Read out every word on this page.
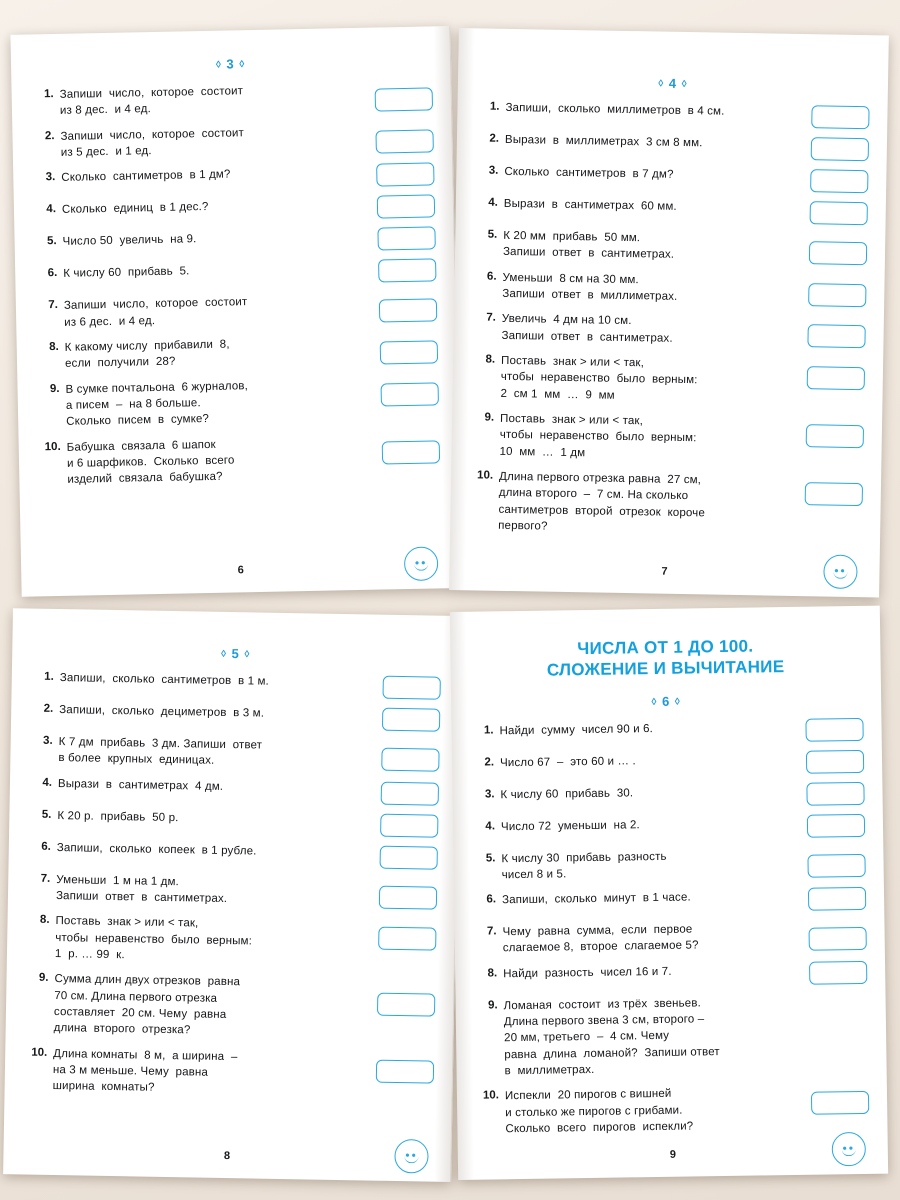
◊ 3 ◊
1. Запиши  число,  которое  состоит
из 8 дес.  и 4 ед.
2. Запиши  число,  которое  состоит
из 5 дес.  и 1 ед.
3. Сколько  сантиметров  в 1 дм?
4. Сколько  единиц  в 1 дес.?
5. Число 50  увеличь  на 9.
6. К числу 60  прибавь  5.
7. Запиши  число,  которое  состоит
из 6 дес.  и 4 ед.
8. К какому числу  прибавили  8,
если  получили  28?
9. В сумке почтальона  6 журналов,
а писем  –  на 8 больше.
Сколько  писем  в  сумке?
10. Бабушка  связала  6 шапок
и 6 шарфиков.  Сколько  всего
изделий  связала  бабушка?
6
••
◊ 4 ◊
1. Запиши,  сколько  миллиметров  в 4 см.
2. Вырази  в  миллиметрах  3 см 8 мм.
3. Сколько  сантиметров  в 7 дм?
4. Вырази  в  сантиметрах  60 мм.
5. К 20 мм  прибавь  50 мм.
Запиши  ответ  в  сантиметрах.
6. Уменьши  8 см на 30 мм.
Запиши  ответ  в  миллиметрах.
7. Увеличь  4 дм на 10 см.
Запиши  ответ  в  сантиметрах.
8. Поставь  знак > или < так,
чтобы  неравенство  было  верным:
2  см 1  мм  …  9  мм
9. Поставь  знак > или < так,
чтобы  неравенство  было  верным:
10  мм  …  1 дм
10. Длина первого отрезка равна  27 см,
длина второго  –  7 см. На сколько
сантиметров  второй  отрезок  короче
первого?
7	••
◊ 5 ◊
1. Запиши,  сколько  сантиметров  в 1 м.
2. Запиши,  сколько  дециметров  в 3 м.
3. К 7 дм  прибавь  3 дм. Запиши  ответ
в более  крупных  единицах.
4. Вырази  в  сантиметрах  4 дм.
5. К 20 р.  прибавь  50 р.
6. Запиши,  сколько  копеек  в 1 рубле.
7. Уменьши  1 м на 1 дм.
Запиши  ответ  в  сантиметрах.
8. Поставь  знак > или < так,
чтобы  неравенство  было  верным:
1  р. … 99  к.
9. Сумма длин двух отрезков  равна
70 см. Длина первого отрезка
составляет  20 см. Чему  равна
длина  второго  отрезка?
10. Длина комнаты  8 м,  а ширина  –
на 3 м меньше. Чему  равна
ширина  комнаты?
8	••
ЧИСЛА ОТ 1 ДО 100.
СЛОЖЕНИЕ И ВЫЧИТАНИЕ
◊ 6 ◊
1. Найди  сумму  чисел 90 и 6.
2. Число 67  –  это 60 и … .
3. К числу 60  прибавь  30.
4. Число 72  уменьши  на 2.
5. К числу 30  прибавь  разность
чисел 8 и 5.
6. Запиши,  сколько  минут  в 1 часе.
7. Чему  равна  сумма,  если  первое
слагаемое 8,  второе  слагаемое 5?
8. Найди  разность  чисел 16 и 7.
9. Ломаная  состоит  из трёх  звеньев.
Длина первого звена 3 см, второго –
20 мм, третьего  –  4 см. Чему
равна  длина  ломаной?  Запиши ответ
в  миллиметрах.
10. Испекли  20 пирогов с вишней
и столько же пирогов с грибами.
Сколько  всего  пирогов  испекли?
9	••
